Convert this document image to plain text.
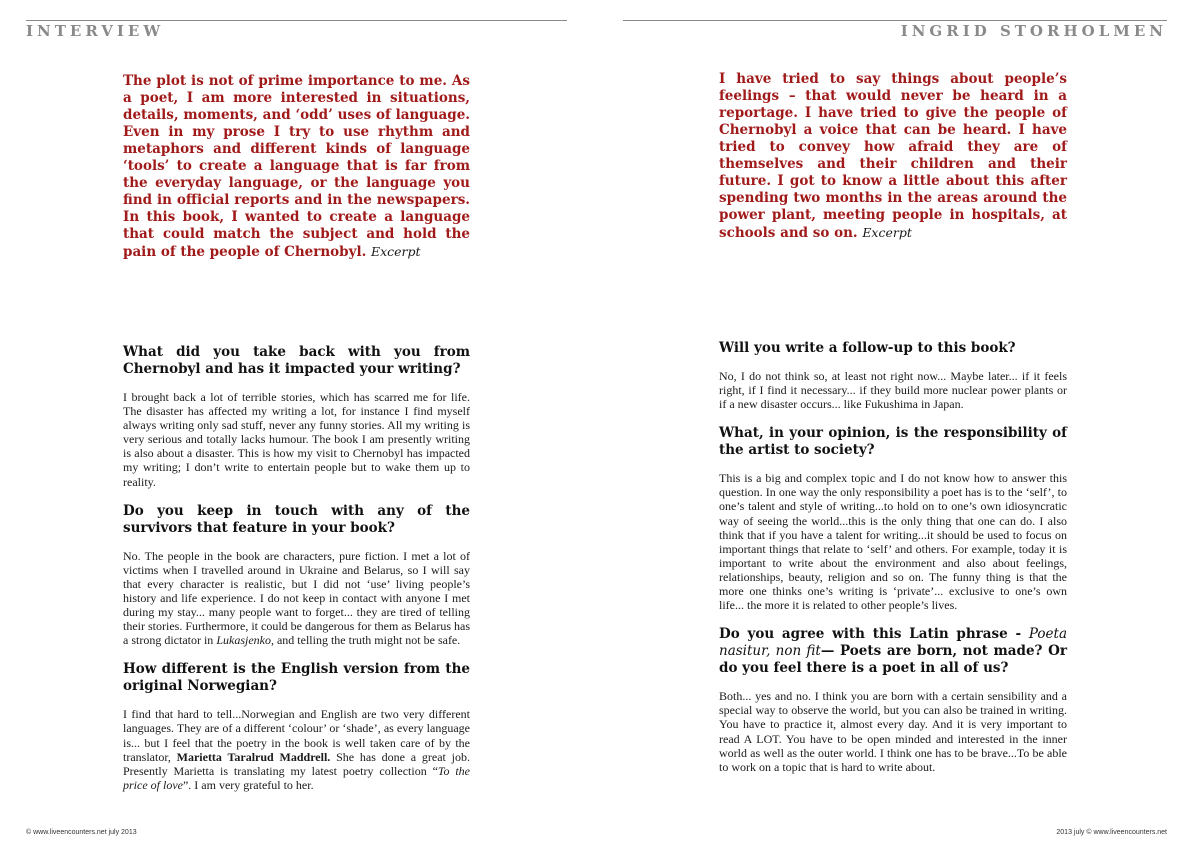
INTERVIEW	INGRID STORHOLMEN

The plot is not of prime importance to me. As a poet, I am more interested in situations, details, moments, and ‘odd’ uses of language. Even in my prose I try to use rhythm and metaphors and different kinds of language ‘tools’ to create a language that is far from the everyday language, or the language you find in official reports and in the newspapers. In this book, I wanted to create a language that could match the subject and hold the pain of the people of Chernobyl. Excerpt

What did you take back with you from Chernobyl and has it impacted your writing?

I brought back a lot of terrible stories, which has scarred me for life. The disaster has affected my writing a lot, for instance I find myself always writing only sad stuff, never any funny stories. All my writing is very serious and totally lacks humour. The book I am presently writing is also about a disaster. This is how my visit to Chernobyl has impacted my writing; I don’t write to entertain people but to wake them up to reality.

Do you keep in touch with any of the survivors that feature in your book?

No. The people in the book are characters, pure fiction. I met a lot of victims when I travelled around in Ukraine and Belarus, so I will say that every character is realistic, but I did not ‘use’ living people’s history and life experience. I do not keep in contact with anyone I met during my stay... many people want to forget... they are tired of telling their stories. Furthermore, it could be dangerous for them as Belarus has a strong dictator in Lukasjenko, and telling the truth might not be safe.

How different is the English version from the original Norwegian?

I find that hard to tell...Norwegian and English are two very different languages. They are of a different ‘colour’ or ‘shade’, as every language is... but I feel that the poetry in the book is well taken care of by the translator, Marietta Taralrud Maddrell. She has done a great job. Presently Marietta is translating my latest poetry collection “To the price of love”. I am very grateful to her.

© www.liveencounters.net july 2013

I have tried to say things about people’s feelings – that would never be heard in a reportage. I have tried to give the people of Chernobyl a voice that can be heard. I have tried to convey how afraid they are of themselves and their children and their future. I got to know a little about this after spending two months in the areas around the power plant, meeting people in hospitals, at schools and so on. Excerpt

Will you write a follow-up to this book?

No, I do not think so, at least not right now... Maybe later... if it feels right, if I find it necessary... if they build more nuclear power plants or if a new disaster occurs... like Fukushima in Japan.

What, in your opinion, is the responsibility of the artist to society?

This is a big and complex topic and I do not know how to answer this question. In one way the only responsibility a poet has is to the ‘self’, to one’s talent and style of writing...to hold on to one’s own idiosyncratic way of seeing the world...this is the only thing that one can do. I also think that if you have a talent for writing...it should be used to focus on important things that relate to ‘self’ and others. For example, today it is important to write about the environment and also about feelings, relationships, beauty, religion and so on. The funny thing is that the more one thinks one’s writing is ‘private’... exclusive to one’s own life... the more it is related to other people’s lives.

Do you agree with this Latin phrase - Poeta nasitur, non fit— Poets are born, not made? Or do you feel there is a poet in all of us?

Both... yes and no. I think you are born with a certain sensibility and a special way to observe the world, but you can also be trained in writing. You have to practice it, almost every day. And it is very important to read A LOT. You have to be open minded and interested in the inner world as well as the outer world. I think one has to be brave...To be able to work on a topic that is hard to write about.

2013 july © www.liveencounters.net
